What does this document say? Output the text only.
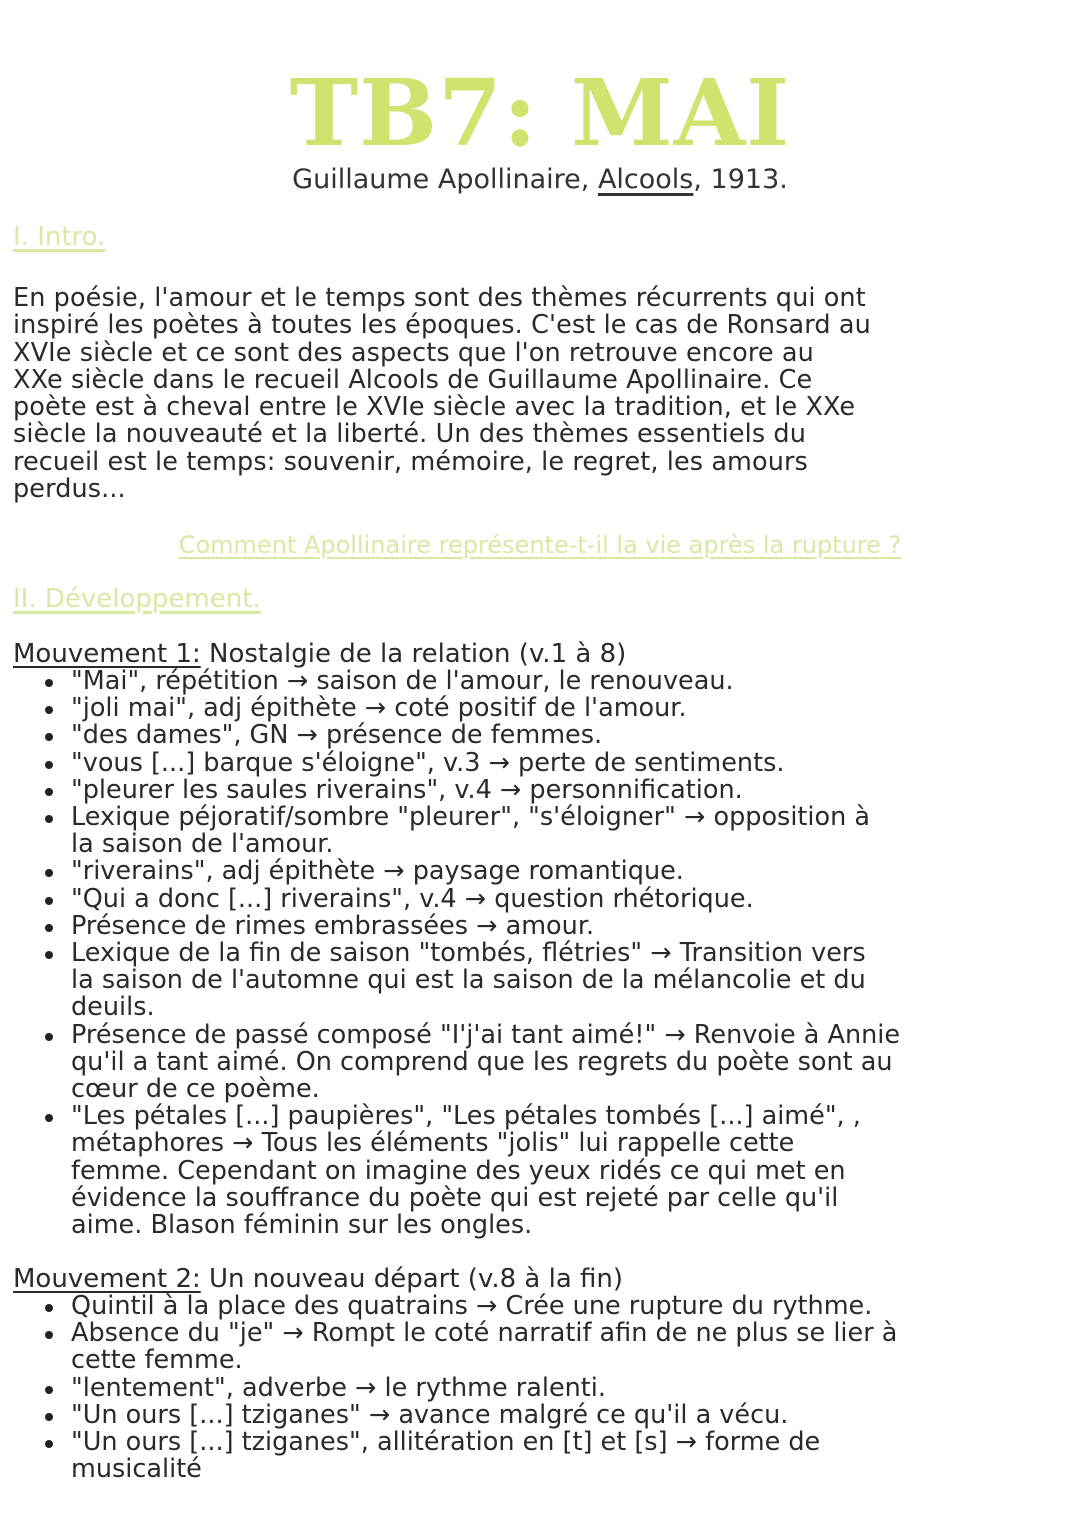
TB7: MAI
Guillaume Apollinaire, Alcools, 1913.
I. Intro.

En poésie, l'amour et le temps sont des thèmes récurrents qui ont
inspiré les poètes à toutes les époques. C'est le cas de Ronsard au
XVIe siècle et ce sont des aspects que l'on retrouve encore au
XXe siècle dans le recueil Alcools de Guillaume Apollinaire. Ce
poète est à cheval entre le XVIe siècle avec la tradition, et le XXe
siècle la nouveauté et la liberté. Un des thèmes essentiels du
recueil est le temps: souvenir, mémoire, le regret, les amours
perdus...

Comment Apollinaire représente-t-il la vie après la rupture ?
II. Développement.
Mouvement 1: Nostalgie de la relation (v.1 à 8)
"Mai", répétition → saison de l'amour, le renouveau.
"joli mai", adj épithète → coté positif de l'amour.
"des dames", GN → présence de femmes.
"vous [...] barque s'éloigne", v.3 → perte de sentiments.
"pleurer les saules riverains", v.4 → personnification.
Lexique péjoratif/sombre "pleurer", "s'éloigner" → opposition à
la saison de l'amour.
"riverains", adj épithète → paysage romantique.
"Qui a donc [...] riverains", v.4 → question rhétorique.
Présence de rimes embrassées → amour.
Lexique de la fin de saison "tombés, flétries" → Transition vers
la saison de l'automne qui est la saison de la mélancolie et du
deuils.
Présence de passé composé "I'j'ai tant aimé!" → Renvoie à Annie
qu'il a tant aimé. On comprend que les regrets du poète sont au
cœur de ce poème.
"Les pétales [...] paupières", "Les pétales tombés [...] aimé", ,
métaphores → Tous les éléments "jolis" lui rappelle cette
femme. Cependant on imagine des yeux ridés ce qui met en
évidence la souffrance du poète qui est rejeté par celle qu'il
aime. Blason féminin sur les ongles.
Mouvement 2: Un nouveau départ (v.8 à la fin)
Quintil à la place des quatrains → Crée une rupture du rythme.
Absence du "je" → Rompt le coté narratif afin de ne plus se lier à
cette femme.
"lentement", adverbe → le rythme ralenti.
"Un ours [...] tziganes" → avance malgré ce qu'il a vécu.
"Un ours [...] tziganes", allitération en [t] et [s] → forme de
musicalité
